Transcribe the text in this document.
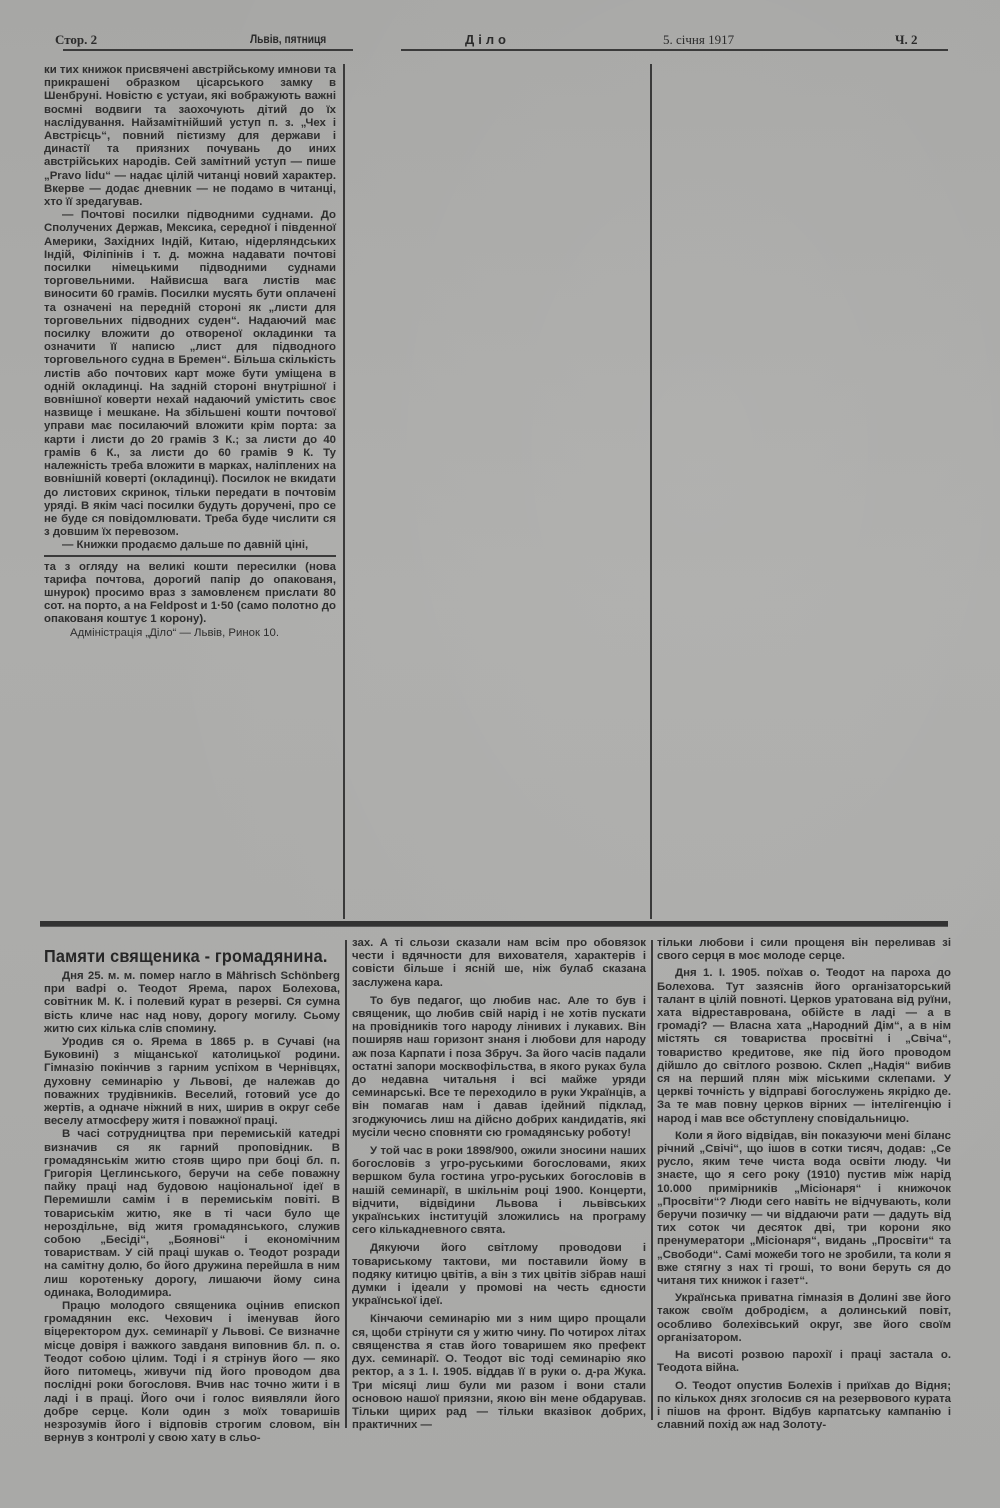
Стор. 2	Львів, пятниця	Діло	5. січня 1917	Ч. 2

ки тих книжок присвячені австрійському имнови та прикрашені образком цісарського замку в Шенбруні. Новістю є устуаи, які вображують важні восмні водвиги та заохочують дітий до їх наслідування. Найзамітнійший уступ п. з. „Чех і Австрієць“, повний пієтизму для держави і династії та приязних почувань до иних австрійських народів. Сей замітний уступ — пише „Pravo lidu“ — надає цілій читанці новий характер. Вкерве — додає дневник — не подамо в читанці, хто її зредагував.

— Почтові посилки підводними суднами. До Сполучених Держав, Мексика, середної і південної Америки, Західних Індій, Китаю, нідерляндських Індій, Філіпінів і т. д. можна надавати почтові посилки німецькими підводними суднами торговельними. Найвисша вага листів має виносити 60 грамів. Посилки мусять бути оплачені та означені на передній стороні як „листи для торговельних підводних суден“. Надаючий має посилку вложити до отвореної окладинки та означити її написю „лист для підводного торговельного судна в Бремен“. Більша скількість листів або почтових карт може бути уміщена в одній окладинці. На задній стороні внутрішної і вовнішної коверти нехай надаючий умістить своє назвище і мешкане. На збільшені кошти почтової управи має посилаючий вложити крім порта: за карти і листи до 20 грамів 3 К.; за листи до 40 грамів 6 К., за листи до 60 грамів 9 К. Ту належність треба вложити в марках, наліплених на вовнішній коверті (окладинці). Посилок не вкидати до листових скринок, тільки передати в почтовім уряді. В якім часі посилки будуть доручені, про се не буде ся повідомлювати. Треба буде числити ся з довшим їх перевозом.

— Книжки продаємо дальше по давній ціні,

та з огляду на великі кошти пересилки (нова тарифа почтова, дорогий папір до опакованя, шнурок) просимо враз з замовленєм прислати 80 сот. на порто, а на Feldpost и 1·50 (само полотно до опакованя коштує 1 корону).

Адміністрація „Діло“ — Львів, Ринок 10.

Памяти священика - громадянина.

Дня 25. м. м. помер нагло в Mährisch Schönberg при ваdрі о. Теодот Ярема, парох Болехова, совітник М. К. і полевий курат в резерві. Ся сумна вість кличе нас над нову, дорогу могилу. Сьому житю сих кілька слів спомину.

Уродив ся о. Ярема в 1865 р. в Сучаві (на Буковині) з міщанської католицької родини. Гімназію покінчив з гарним успіхом в Чернівцях, духовну семинарію у Львові, де належав до поважних трудівників. Веселий, готовий усе до жертів, а одначе ніжний в них, ширив в округ себе веселу атмосферу житя і поважної праці.

В часі сотрудництва при перемиській катедрі визначив ся як гарний проповідник. В громадянськім житю стояв щиро при боці бл. п. Григорія Цеглинського, беручи на себе поважну пайку праці над будовою національної ідеї в Перемишли самім і в перемиськім повіті. В товариськім житю, яке в ті часи було ще нероздільне, від житя громадянського, служив собою „Бесіді“, „Боянові“ і економічним товариствам. У сій праці шукав о. Теодот розради на самітну долю, бо його дружина перейшла в ним лиш коротеньку дорогу, лишаючи йому сина одинака, Володимира.

Працю молодого священика оцінив епископ громадянин екс. Чехович і іменував його віцеректором дух. семинарії у Львові. Се визначне місце довіря і важкого завданя виповнив бл. п. о. Теодот собою цілим. Тоді і я стрінув його — яко його питомець, живучи під його проводом два послідні роки богословя. Вчив нас точно жити і в ладі і в праці. Його очи і голос виявляли його добре серце. Коли один з моїх товаришів незрозумів його і відповів строгим словом, він вернув з контролі у свою хату в сльо-

зах. А ті сльози сказали нам всім про обовязок чести і вдячности для вихователя, характерів і совісти більше і ясній ше, ніж булаб сказана заслужена кара.

То був педагог, що любив нас. Але то був і священик, що любив свій нарід і не хотів пускати на провідників того народу лінивих і лукавих. Він поширяв наш горизонт знаня і любови для народу аж поза Карпати і поза Збруч. За його часів падали остатні запори москвофільства, в якого руках була до недавна читальня і всі майже уряди семинарські. Все те переходило в руки Українців, а він помагав нам і давав ідейний підклад, згоджуючись лиш на дійсно добрих кандидатів, які мусіли чесно сповняти сю громадянську роботу!

У той час в роки 1898/900, ожили зносини наших богословів з угро-руськими богословами, яких вершком була гостина угро-руських богословів в нашій семинарії, в шкільнім році 1900. Концерти, відчити, відвідини Львова і львівських українських інституцій зложились на програму сего кількадневного свята.

Дякуючи його світлому проводови і товариському тактови, ми поставили йому в подяку китицю цвітів, а він з тих цвітів зібрав наші думки і ідеали у промові на честь єдности української ідеї.

Кінчаючи семинарію ми з ним щиро прощали ся, щоби стрінути ся у житю чину. По чотирох літах священства я став його товаришем яко префект дух. семинарії. О. Теодот віс тоді семинарію яко ректор, а з 1. І. 1905. віддав її в руки о. д-ра Жука. Три місяці лиш були ми разом і вони стали основою нашої приязни, якою він мене обдарував. Тільки щирих рад — тільки вказівок добрих, практичних —

тільки любови і сили прощеня він переливав зі свого серця в моє молоде серце.

Дня 1. І. 1905. поїхав о. Теодот на пароха до Болехова. Тут зазяснів його організаторський талант в цілій повноті. Церков уратована від руїни, хата відреставрована, обійсте в ладі — а в громаді? — Власна хата „Народний Дім“, а в нім містять ся товариства просвітні і „Свіча“, товариство кредитове, яке під його проводом дійшло до світлого розвою. Склеп „Надія“ вибив ся на перший плян між міськими склепами. У церкві точність у відправі богослужень якрідко де. За те мав повну церков вірних — інтелігенцію і народ і мав все обступлену сповідальницю.

Коли я його відвідав, він показуючи мені біланс річний „Свічі“, що ішов в сотки тисяч, додав: „Се русло, яким тече чиста вода освіти люду. Чи знаєте, що я сего року (1910) пустив між нарід 10.000 примірників „Місіонаря“ і книжочок „Просвіти“? Люди сего навіть не відчувають, коли беручи позичку — чи віддаючи рати — дадуть від тих соток чи десяток дві, три корони яко пренумератори „Місіонаря“, видань „Просвіти“ та „Свободи“. Самі можеби того не зробили, та коли я вже стягну з нах ті гроші, то вони беруть ся до читаня тих книжок і газет“.

Українська приватна гімназія в Долині зве його також своїм добродієм, а долинський повіт, особливо болехівський округ, зве його своїм організатором.

На висоті розвою парохії і праці застала о. Теодота війна.

О. Теодот опустив Болехів і приїхав до Відня; по кількох днях зголосив ся на резервового курата і пішов на фронт. Відбув карпатську кампанію і славний похід аж над Золоту-
